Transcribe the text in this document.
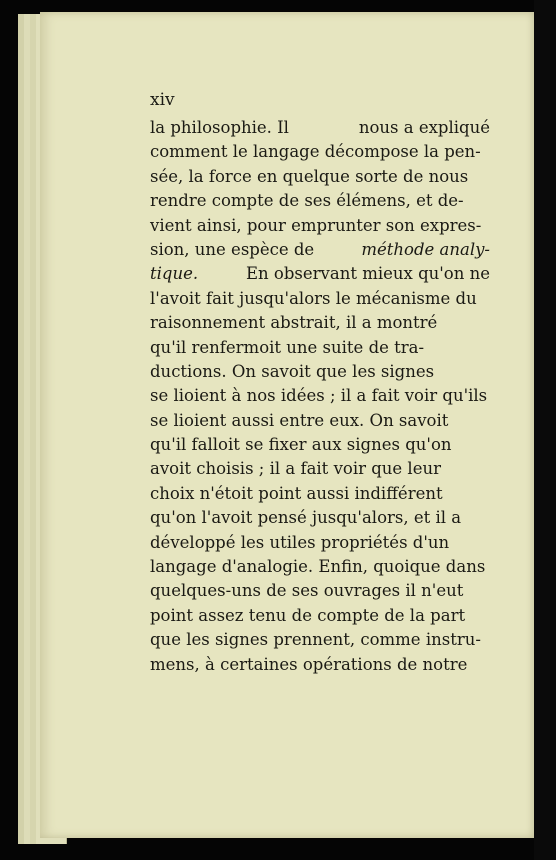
xiv
la philosophie. Il	nous a expliqué
comment le langage décompose la pen-
sée, la force en quelque sorte de nous
rendre compte de ses élémens, et de-
vient ainsi, pour emprunter son expres-
sion, une espèce de	méthode analy-
tique.	En observant mieux qu'on ne
l'avoit fait jusqu'alors le mécanisme du
raisonnement abstrait, il a montré
qu'il renfermoit une suite de tra-
ductions. On savoit que les signes
se lioient à nos idées ; il a fait voir qu'ils
se lioient aussi entre eux. On savoit
qu'il falloit se fixer aux signes qu'on
avoit choisis ; il a fait voir que leur
choix n'étoit point aussi indifférent
qu'on l'avoit pensé jusqu'alors, et il a
développé les utiles propriétés d'un
langage d'analogie. Enfin, quoique dans
quelques-uns de ses ouvrages il n'eut
point assez tenu de compte de la part
que les signes prennent, comme instru-
mens, à certaines opérations de notre
